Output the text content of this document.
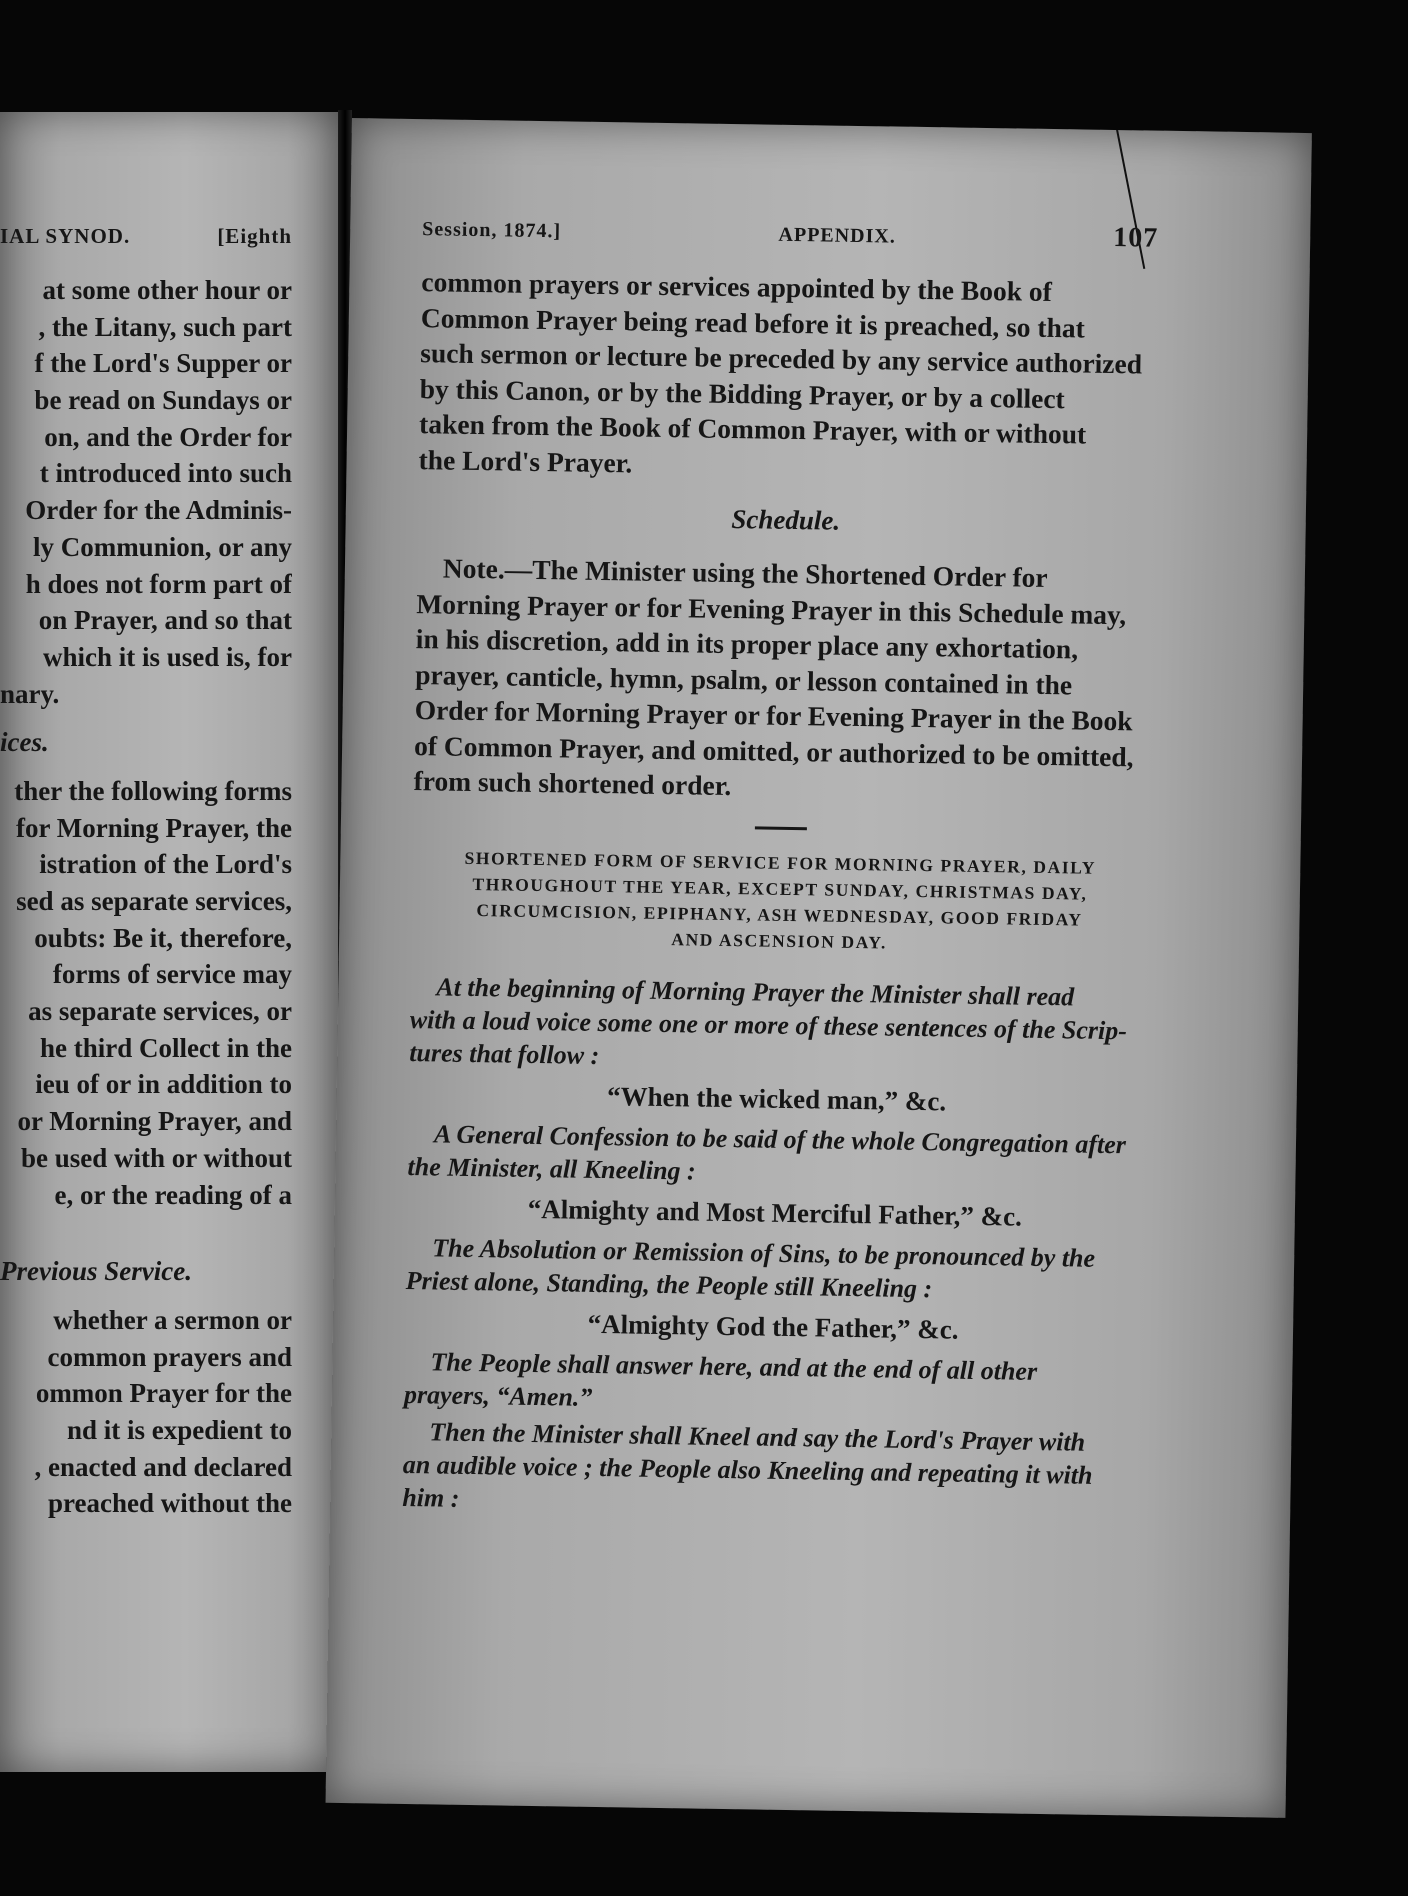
IAL SYNOD.	[Eighth
at some other hour or
, the Litany, such part
f the Lord's Supper or
be read on Sundays or
on, and the Order for
t introduced into such
Order for the Adminis-
ly Communion, or any
h does not form part of
on Prayer, and so that
which it is used is, for
nary.
ices.
ther the following forms
for Morning Prayer, the
istration of the Lord's
sed as separate services,
oubts: Be it, therefore,
forms of service may
as separate services, or
he third Collect in the
ieu of or in addition to
or Morning Prayer, and
be used with or without
e, or the reading of a
Previous Service.
whether a sermon or
common prayers and
ommon Prayer for the
nd it is expedient to
, enacted and declared
preached without the
Session, 1874.]	APPENDIX.	107

common prayers or services appointed by the Book of
Common Prayer being read before it is preached, so that
such sermon or lecture be preceded by any service authorized
by this Canon, or by the Bidding Prayer, or by a collect
taken from the Book of Common Prayer, with or without
the Lord's Prayer.

Schedule.

Note.—The Minister using the Shortened Order for
Morning Prayer or for Evening Prayer in this Schedule may,
in his discretion, add in its proper place any exhortation,
prayer, canticle, hymn, psalm, or lesson contained in the
Order for Morning Prayer or for Evening Prayer in the Book
of Common Prayer, and omitted, or authorized to be omitted,
from such shortened order.

SHORTENED FORM OF SERVICE FOR MORNING PRAYER, DAILY
THROUGHOUT THE YEAR, EXCEPT SUNDAY, CHRISTMAS DAY,
CIRCUMCISION, EPIPHANY, ASH WEDNESDAY, GOOD FRIDAY
AND ASCENSION DAY.

At the beginning of Morning Prayer the Minister shall read
with a loud voice some one or more of these sentences of the Scrip-
tures that follow :

“When the wicked man,” &c.

A General Confession to be said of the whole Congregation after
the Minister, all Kneeling :

“Almighty and Most Merciful Father,” &c.

The Absolution or Remission of Sins, to be pronounced by the
Priest alone, Standing, the People still Kneeling :

“Almighty God the Father,” &c.

The People shall answer here, and at the end of all other
prayers, “Amen.”

Then the Minister shall Kneel and say the Lord's Prayer with
an audible voice ; the People also Kneeling and repeating it with
him :
